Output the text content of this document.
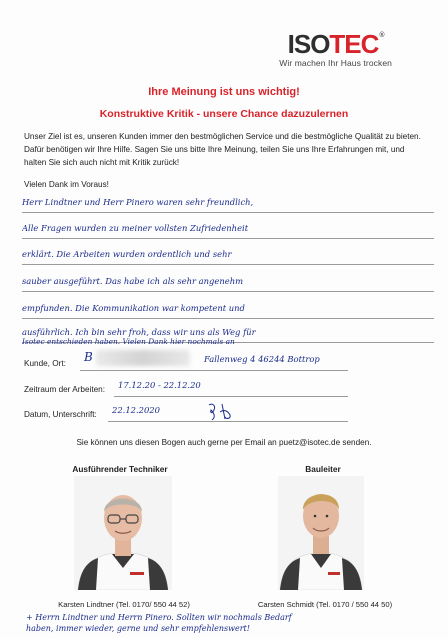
ISO TEC ®
Wir machen Ihr Haus trocken
Ihre Meinung ist uns wichtig!
Konstruktive Kritik - unsere Chance dazuzulernen
Unser Ziel ist es, unseren Kunden immer den bestmöglichen Service und die bestmögliche Qualität zu bieten. Dafür benötigen wir Ihre Hilfe. Sagen Sie uns bitte Ihre Meinung, teilen Sie uns Ihre Erfahrungen mit, und halten Sie sich auch nicht mit Kritik zurück!
Vielen Dank im Voraus!
Herr Lindtner und Herr Pinero waren sehr freundlich,
Alle Fragen wurden zu meiner vollsten Zufriedenheit
erklärt. Die Arbeiten wurden ordentlich und sehr
sauber ausgeführt. Das habe ich als sehr angenehm
empfunden. Die Kommunikation war kompetent und
ausführlich. Ich bin sehr froh, dass wir uns als Weg für
Isotec entschieden haben. Vielen Dank hier nochmals an
Kunde, Ort: B	Fallenweg 4 46244 Bottrop
Zeitraum der Arbeiten: 17.12.20 - 22.12.20
Datum, Unterschrift: 22.12.2020
Sie können uns diesen Bogen auch gerne per Email an puetz@isotec.de senden.
Ausführender Techniker	Bauleiter
Karsten Lindtner (Tel. 0170/ 550 44 52)	Carsten Schmidt (Tel. 0170 / 550 44 50)
+ Herrn Lindtner und Herrn Pinero. Sollten wir nochmals Bedarf
haben, immer wieder, gerne und sehr empfehlenswert!
